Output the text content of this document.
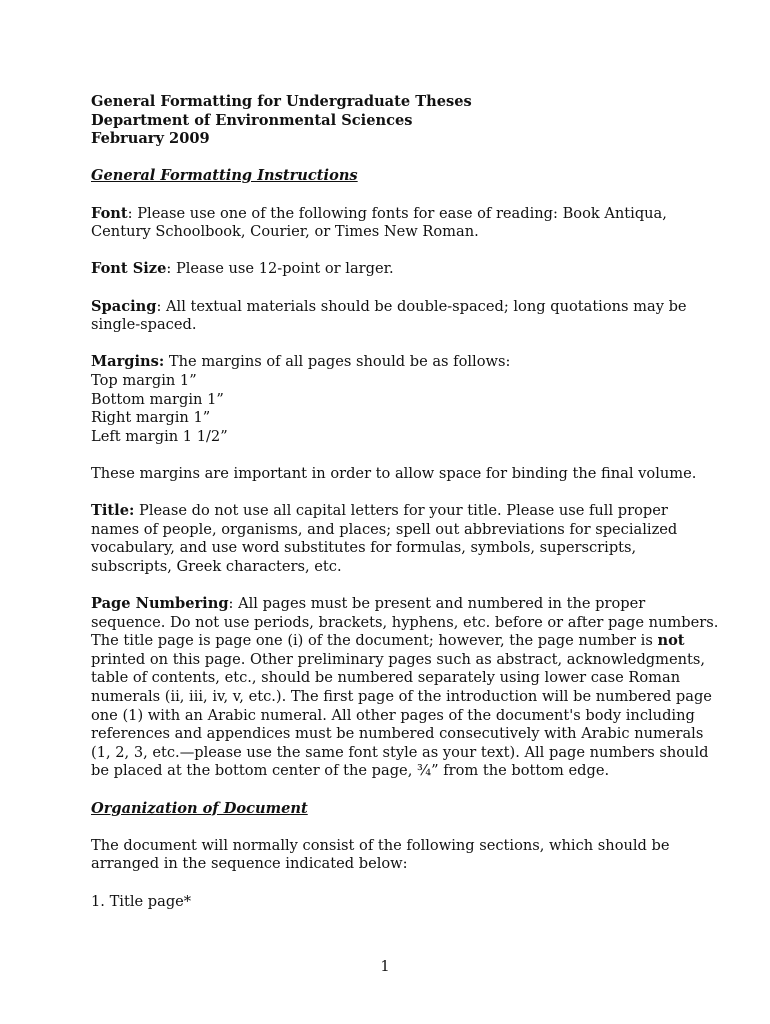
General Formatting for Undergraduate Theses
Department of Environmental Sciences
February 2009
General Formatting Instructions
Font: Please use one of the following fonts for ease of reading: Book Antiqua,
Century Schoolbook, Courier, or Times New Roman.
Font Size: Please use 12-point or larger.
Spacing: All textual materials should be double-spaced; long quotations may be
single-spaced.
Margins: The margins of all pages should be as follows:
Top margin 1”
Bottom margin 1”
Right margin 1”
Left margin 1 1/2”
These margins are important in order to allow space for binding the final volume.
Title: Please do not use all capital letters for your title. Please use full proper
names of people, organisms, and places; spell out abbreviations for specialized
vocabulary, and use word substitutes for formulas, symbols, superscripts,
subscripts, Greek characters, etc.
Page Numbering: All pages must be present and numbered in the proper
sequence. Do not use periods, brackets, hyphens, etc. before or after page numbers.
The title page is page one (i) of the document; however, the page number is not
printed on this page. Other preliminary pages such as abstract, acknowledgments,
table of contents, etc., should be numbered separately using lower case Roman
numerals (ii, iii, iv, v, etc.). The first page of the introduction will be numbered page
one (1) with an Arabic numeral. All other pages of the document's body including
references and appendices must be numbered consecutively with Arabic numerals
(1, 2, 3, etc.—please use the same font style as your text). All page numbers should
be placed at the bottom center of the page, ¾” from the bottom edge.
Organization of Document
The document will normally consist of the following sections, which should be
arranged in the sequence indicated below:
1. Title page*
1
